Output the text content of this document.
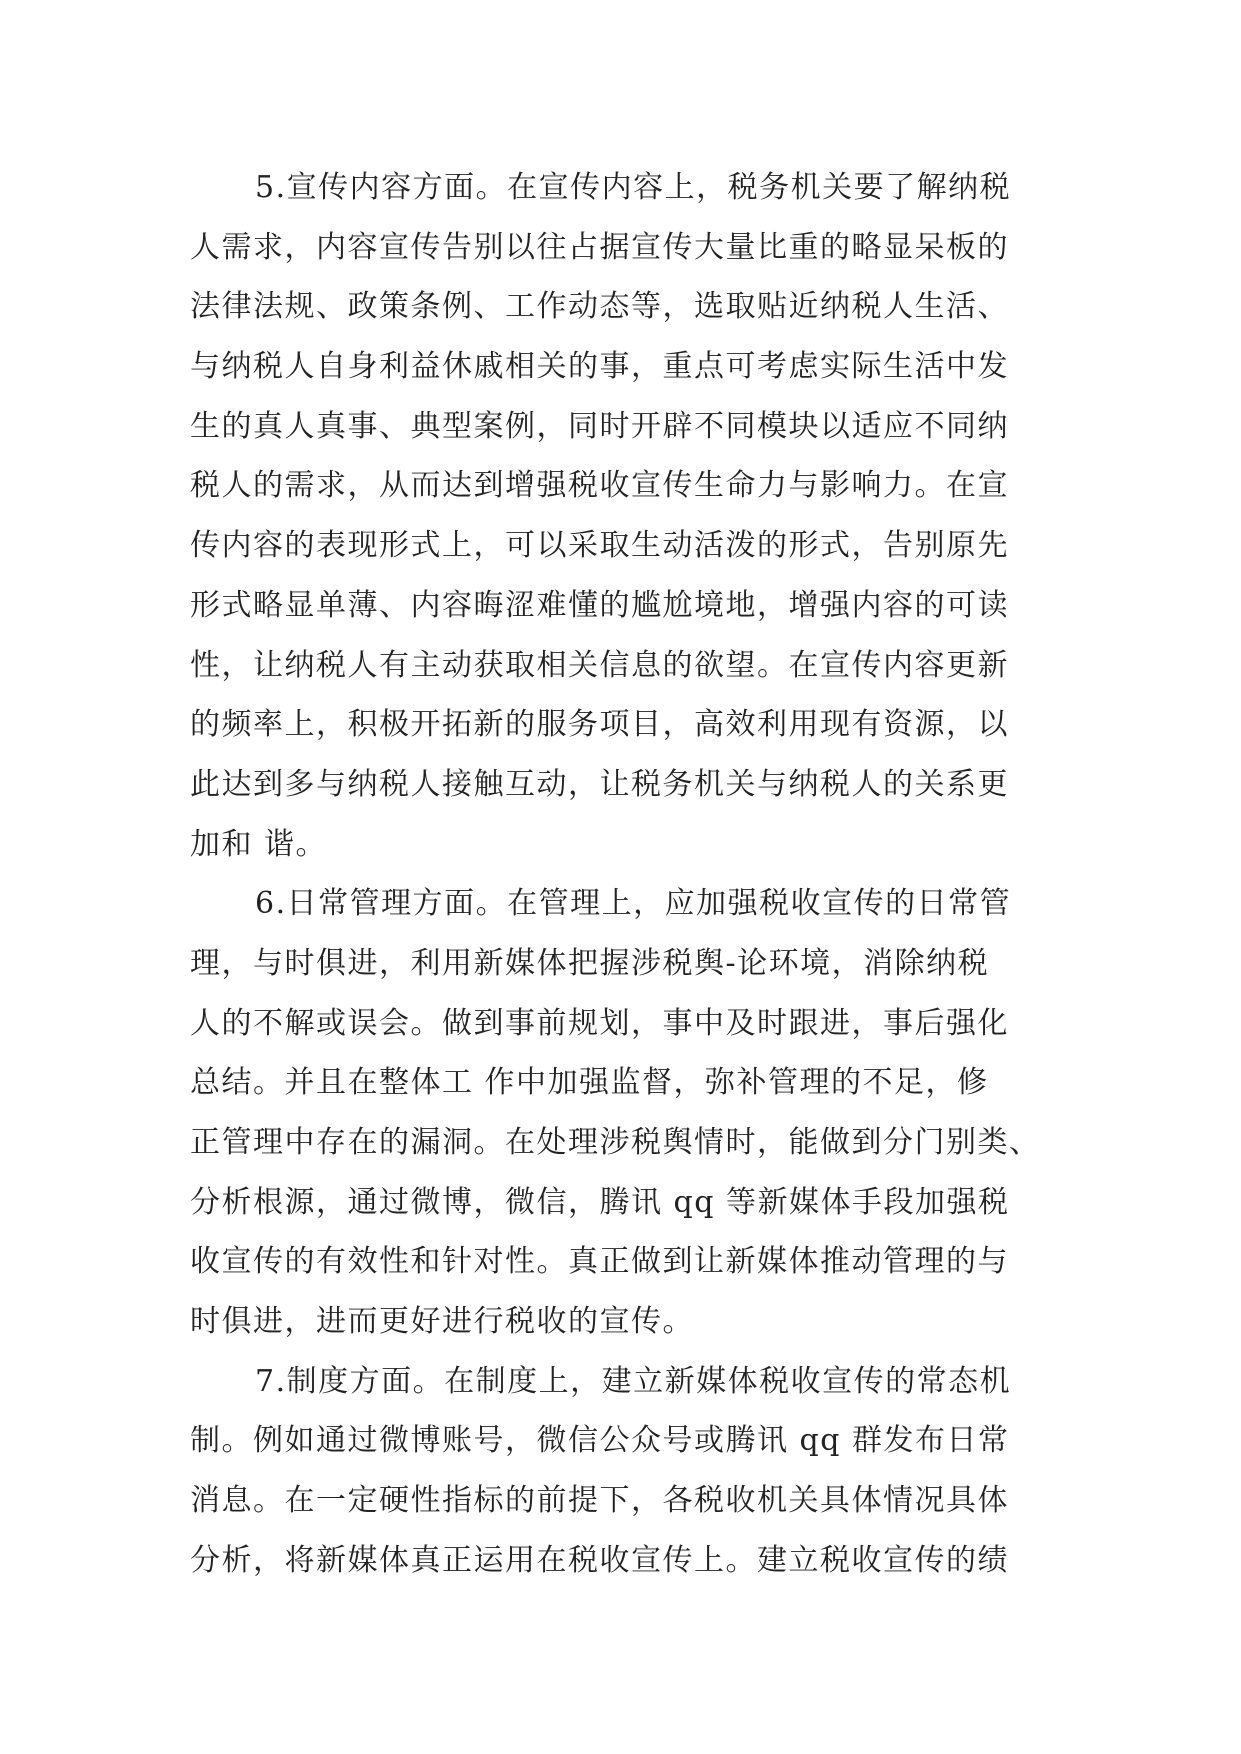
5.宣传内容方面。在宣传内容上，税务机关要了解纳税

人需求，内容宣传告别以往占据宣传大量比重的略显呆板的

法律法规、政策条例、工作动态等，选取贴近纳税人生活、

与纳税人自身利益休戚相关的事，重点可考虑实际生活中发

生的真人真事、典型案例，同时开辟不同模块以适应不同纳

税人的需求，从而达到增强税收宣传生命力与影响力。在宣

传内容的表现形式上，可以采取生动活泼的形式，告别原先

形式略显单薄、内容晦涩难懂的尴尬境地，增强内容的可读

性，让纳税人有主动获取相关信息的欲望。在宣传内容更新

的频率上，积极开拓新的服务项目，高效利用现有资源，以

此达到多与纳税人接触互动，让税务机关与纳税人的关系更

加和 谐。

6.日常管理方面。在管理上，应加强税收宣传的日常管

理，与时俱进，利用新媒体把握涉税舆-论环境，消除纳税

人的不解或误会。做到事前规划，事中及时跟进，事后强化

总结。并且在整体工 作中加强监督，弥补管理的不足，修

正管理中存在的漏洞。在处理涉税舆情时，能做到分门别类、

分析根源，通过微博，微信，腾讯 qq 等新媒体手段加强税

收宣传的有效性和针对性。真正做到让新媒体推动管理的与

时俱进，进而更好进行税收的宣传。

7.制度方面。在制度上，建立新媒体税收宣传的常态机

制。例如通过微博账号，微信公众号或腾讯 qq 群发布日常

消息。在一定硬性指标的前提下，各税收机关具体情况具体

分析，将新媒体真正运用在税收宣传上。建立税收宣传的绩
